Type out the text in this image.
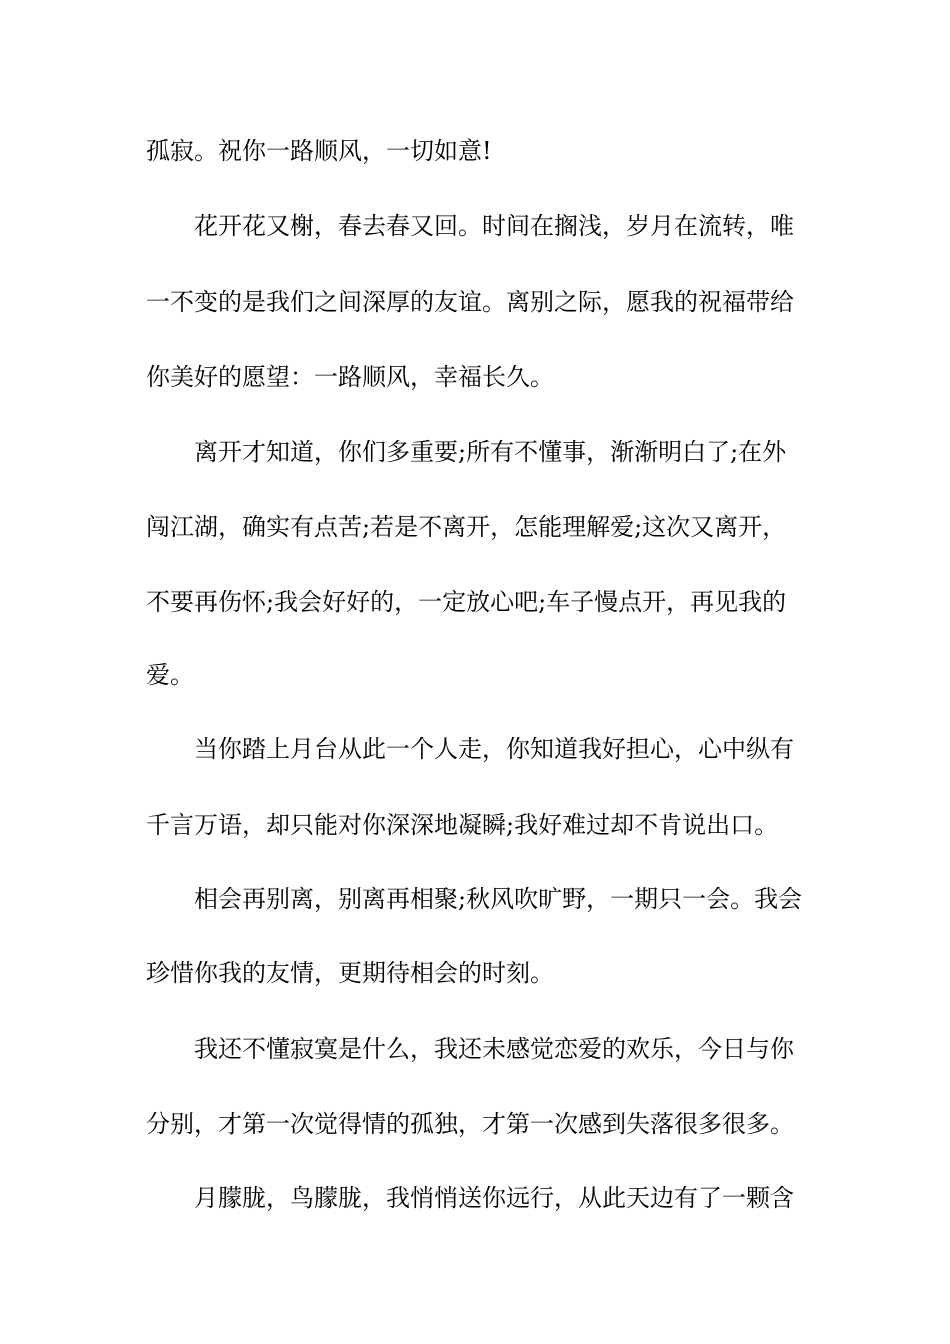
孤寂。祝你一路顺风，一切如意!
花开花又榭，春去春又回。时间在搁浅，岁月在流转，唯
一不变的是我们之间深厚的友谊。离别之际，愿我的祝福带给
你美好的愿望：一路顺风，幸福长久。
离开才知道，你们多重要;所有不懂事，渐渐明白了;在外
闯江湖，确实有点苦;若是不离开，怎能理解爱;这次又离开，
不要再伤怀;我会好好的，一定放心吧;车子慢点开，再见我的
爱。
当你踏上月台从此一个人走，你知道我好担心，心中纵有
千言万语，却只能对你深深地凝瞬;我好难过却不肯说出口。
相会再别离，别离再相聚;秋风吹旷野，一期只一会。我会
珍惜你我的友情，更期待相会的时刻。
我还不懂寂寞是什么，我还未感觉恋爱的欢乐，今日与你
分别，才第一次觉得情的孤独，才第一次感到失落很多很多。
月朦胧，鸟朦胧，我悄悄送你远行，从此天边有了一颗含
